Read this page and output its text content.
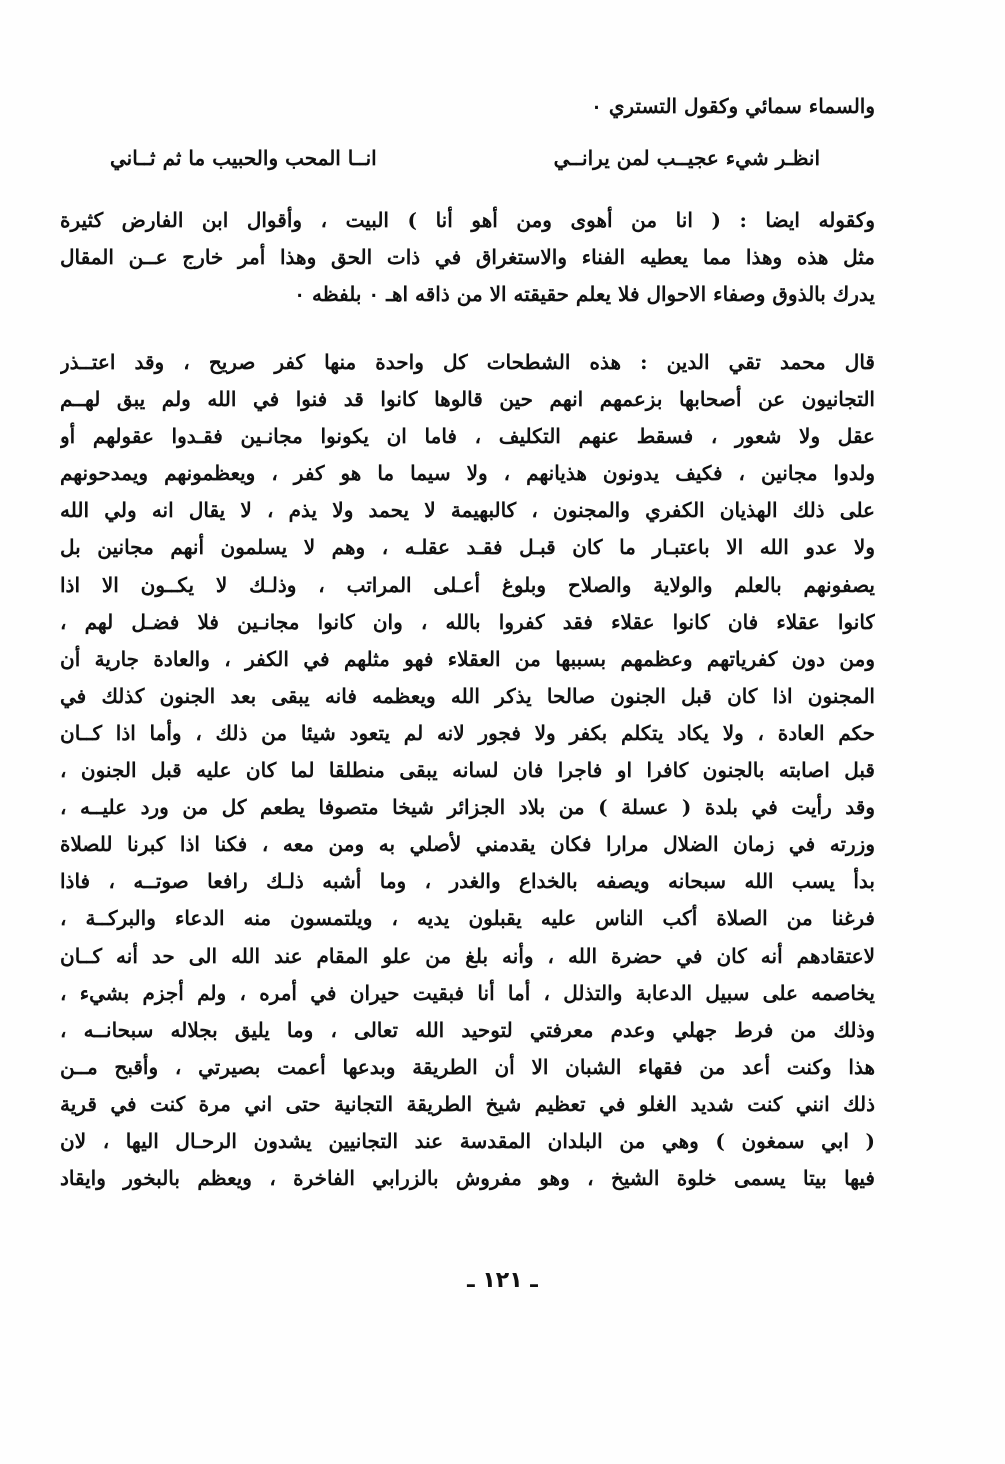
والسماء سمائي وكقول التستري ٠
انظـر شيء عجيــب لمن يرانــي
انــا المحب والحبيب ما ثم ثــاني
وكقوله ايضا : ( انا من أهوى ومن أهو أنا ) البيت ، وأقوال ابن الفارض كثيرة
مثل هذه وهذا مما يعطيه الفناء والاستغراق في ذات الحق وهذا أمر خارج عــن المقال
يدرك بالذوق وصفاء الاحوال فلا يعلم حقيقته الا من ذاقه اهـ ٠ بلفظه ٠
قال محمد تقي الدين : هذه الشطحات كل واحدة منها كفر صريح ، وقد اعتــذر
التجانيون عن أصحابها بزعمهم انهم حين قالوها كانوا قد فنوا في الله ولم يبق لهــم
عقل ولا شعور ، فسقط عنهم التكليف ، فاما ان يكونوا مجانـين فقـدوا عقولهم أو
ولدوا مجانين ، فكيف يدونون هذيانهم ، ولا سيما ما هو كفر ، ويعظمونهم ويمدحونهم
على ذلك الهذيان الكفري والمجنون ، كالبهيمة لا يحمد ولا يذم ، لا يقال انه ولي الله
ولا عدو الله الا باعتبـار ما كان قبـل فقـد عقلـه ، وهم لا يسلمون أنهم مجانين بل
يصفونهم بالعلم والولاية والصلاح وبلوغ أعـلى المراتب ، وذلـك لا يكــون الا اذا
كانوا عقلاء فان كانوا عقلاء فقد كفروا بالله ، وان كانوا مجانـين فلا فضـل لهم ،
ومن دون كفرياتهم وعظمهم بسببها من العقلاء فهو مثلهم في الكفر ، والعادة جارية أن
المجنون اذا كان قبل الجنون صالحا يذكر الله ويعظمه فانه يبقى بعد الجنون كذلك في
حكم العادة ، ولا يكاد يتكلم بكفر ولا فجور لانه لم يتعود شيئا من ذلك ، وأما اذا كــان
قبل اصابته بالجنون كافرا او فاجرا فان لسانه يبقى منطلقا لما كان عليه قبل الجنون ،
وقد رأيت في بلدة ( عسلة ) من بلاد الجزائر شيخا متصوفا يطعم كل من ورد عليــه ،
وزرته في زمان الضلال مرارا فكان يقدمني لأصلي به ومن معه ، فكنا اذا كبرنا للصلاة
بدأ يسب الله سبحانه ويصفه بالخداع والغدر ، وما أشبه ذلـك رافعا صوتــه ، فاذا
فرغنا من الصلاة أكب الناس عليه يقبلون يديه ، ويلتمسون منه الدعاء والبركــة ،
لاعتقادهم أنه كان في حضرة الله ، وأنه بلغ من علو المقام عند الله الى حد أنه كــان
يخاصمه على سبيل الدعابة والتذلل ، أما أنا فبقيت حيران في أمره ، ولم أجزم بشيء ،
وذلك من فرط جهلي وعدم معرفتي لتوحيد الله تعالى ، وما يليق بجلاله سبحانــه ،
هذا وكنت أعد من فقهاء الشبان الا أن الطريقة وبدعها أعمت بصيرتي ، وأقبح مــن
ذلك انني كنت شديد الغلو في تعظيم شيخ الطريقة التجانية حتى اني مرة كنت في قرية
( ابي سمغون ) وهي من البلدان المقدسة عند التجانيين يشدون الرحـال اليها ، لان
فيها بيتا يسمى خلوة الشيخ ، وهو مفروش بالزرابي الفاخرة ، ويعظم بالبخور وايقاد
ـ ١٢١ ـ
